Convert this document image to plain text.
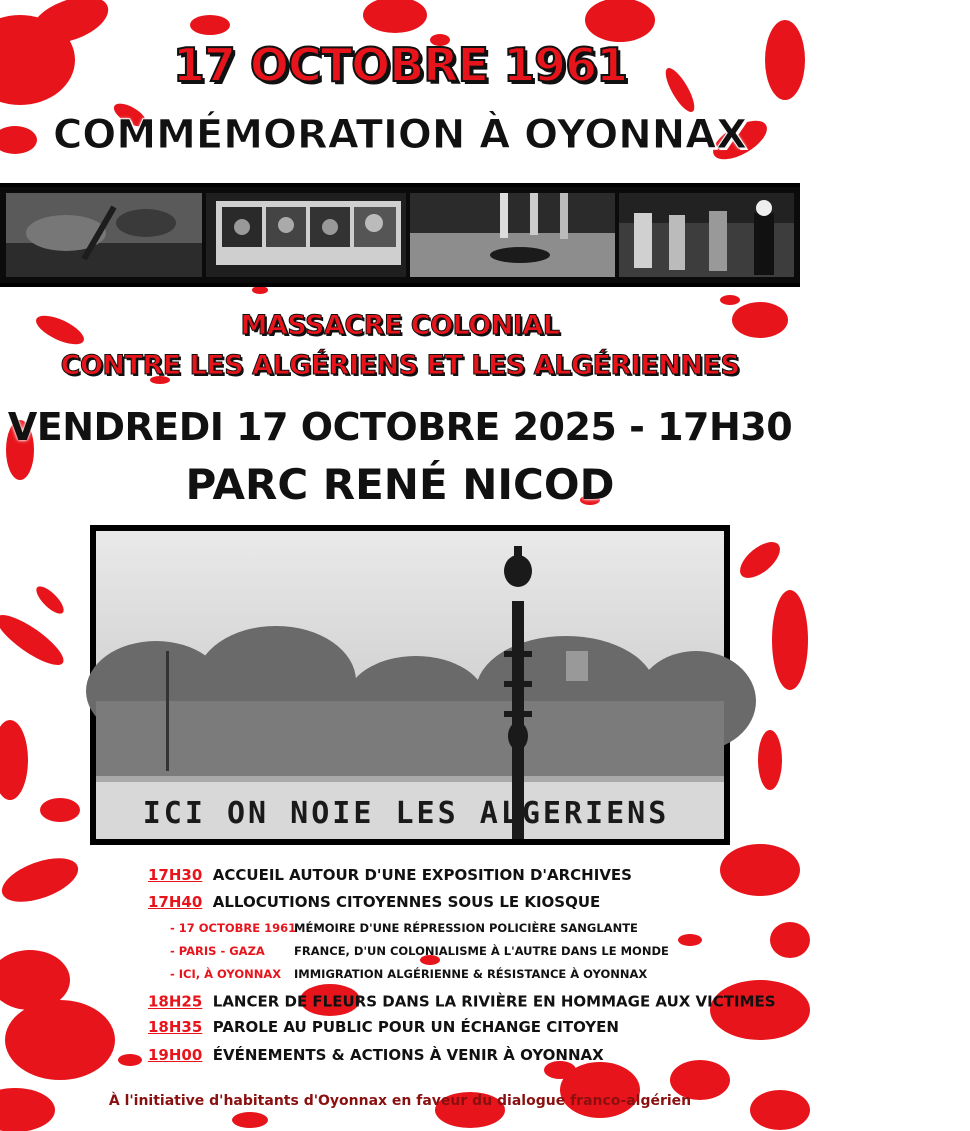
17 OCTOBRE 1961
COMMÉMORATION À OYONNAX
MASSACRE COLONIAL
CONTRE LES ALGÉRIENS ET LES ALGÉRIENNES
VENDREDI 17 OCTOBRE 2025 - 17H30
PARC RENÉ NICOD
ICI ON NOIE LES ALGERIENS
17H30 ACCUEIL AUTOUR D'UNE EXPOSITION D'ARCHIVES
17H40 ALLOCUTIONS CITOYENNES SOUS LE KIOSQUE
- 17 OCTOBRE 1961 MÉMOIRE D'UNE RÉPRESSION POLICIÈRE SANGLANTE
- PARIS - GAZA	FRANCE, D'UN COLONIALISME À L'AUTRE DANS LE MONDE
- ICI, À OYONNAX IMMIGRATION ALGÉRIENNE & RÉSISTANCE À OYONNAX
18H25 LANCER DE FLEURS DANS LA RIVIÈRE EN HOMMAGE AUX VICTIMES ✿
18H35 PAROLE AU PUBLIC POUR UN ÉCHANGE CITOYEN
19H00 ÉVÉNEMENTS & ACTIONS À VENIR À OYONNAX
À l'initiative d'habitants d'Oyonnax en faveur du dialogue franco-algérien
